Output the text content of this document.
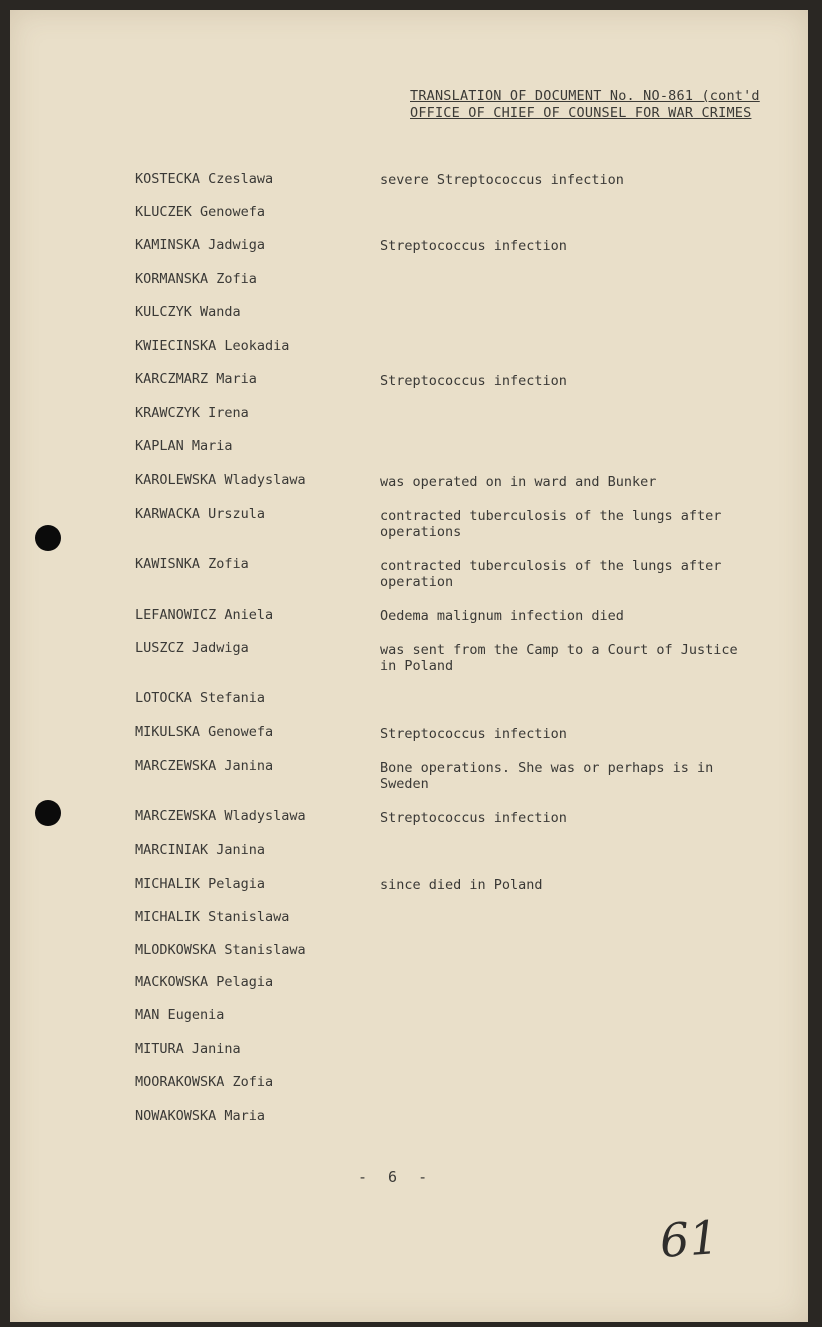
TRANSLATION OF DOCUMENT No. NO-861 (cont'd
OFFICE OF CHIEF OF COUNSEL FOR WAR CRIMES
KOSTECKA Czeslawa	severe Streptococcus infection
KLUCZEK Genowefa
KAMINSKA Jadwiga	Streptococcus infection
KORMANSKA Zofia
KULCZYK Wanda
KWIECINSKA Leokadia
KARCZMARZ Maria	Streptococcus infection
KRAWCZYK Irena
KAPLAN Maria
KAROLEWSKA Wladyslawa	was operated on in ward and Bunker
KARWACKA Urszula	contracted tuberculosis of the lungs after operations
KAWISNKA Zofia	contracted tuberculosis of the lungs after operation
LEFANOWICZ Aniela	Oedema malignum infection died
LUSZCZ Jadwiga	was sent from the Camp to a Court of Justice in Poland
LOTOCKA Stefania
MIKULSKA Genowefa	Streptococcus infection
MARCZEWSKA Janina	Bone operations. She was or perhaps is in Sweden
MARCZEWSKA Wladyslawa	Streptococcus infection
MARCINIAK Janina
MICHALIK Pelagia	since died in Poland
MICHALIK Stanislawa
MLODKOWSKA Stanislawa
MACKOWSKA Pelagia
MAN Eugenia
MITURA Janina
MOORAKOWSKA Zofia
NOWAKOWSKA Maria
- 6 -
61
